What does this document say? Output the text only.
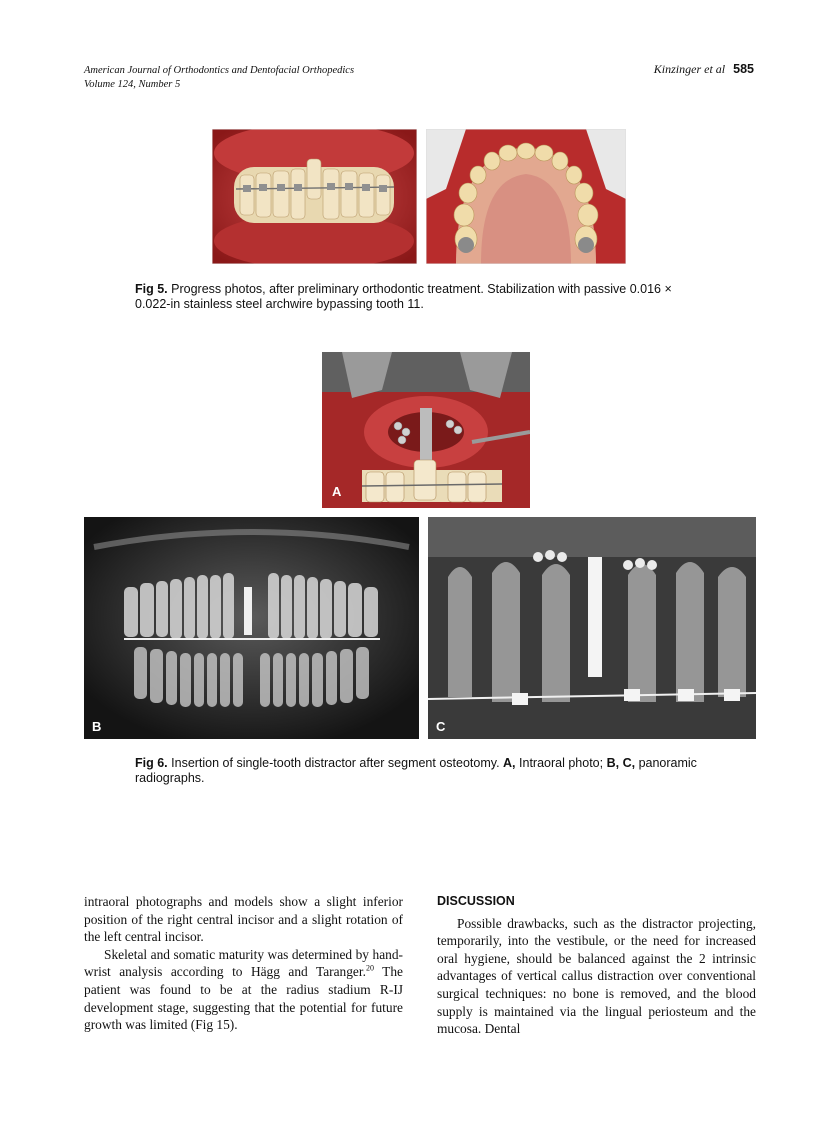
American Journal of Orthodontics and Dentofacial Orthopedics
Volume 124, Number 5
Kinzinger et al 585
Fig 5. Progress photos, after preliminary orthodontic treatment. Stabilization with passive 0.016 × 0.022-in stainless steel archwire bypassing tooth 11.
A
B	C
Fig 6. Insertion of single-tooth distractor after segment osteotomy. A, Intraoral photo; B, C, panoramic radiographs.

intraoral photographs and models show a slight inferior position of the right central incisor and a slight rotation of the left central incisor.

Skeletal and somatic maturity was determined by hand-wrist analysis according to Hägg and Taranger.$^{20}$ The patient was found to be at the radius stadium R-IJ development stage, suggesting that the potential for future growth was limited (Fig 15).

DISCUSSION

Possible drawbacks, such as the distractor projecting, temporarily, into the vestibule, or the need for increased oral hygiene, should be balanced against the 2 intrinsic advantages of vertical callus distraction over conventional surgical techniques: no bone is removed, and the blood supply is maintained via the lingual periosteum and the mucosa. Dental
